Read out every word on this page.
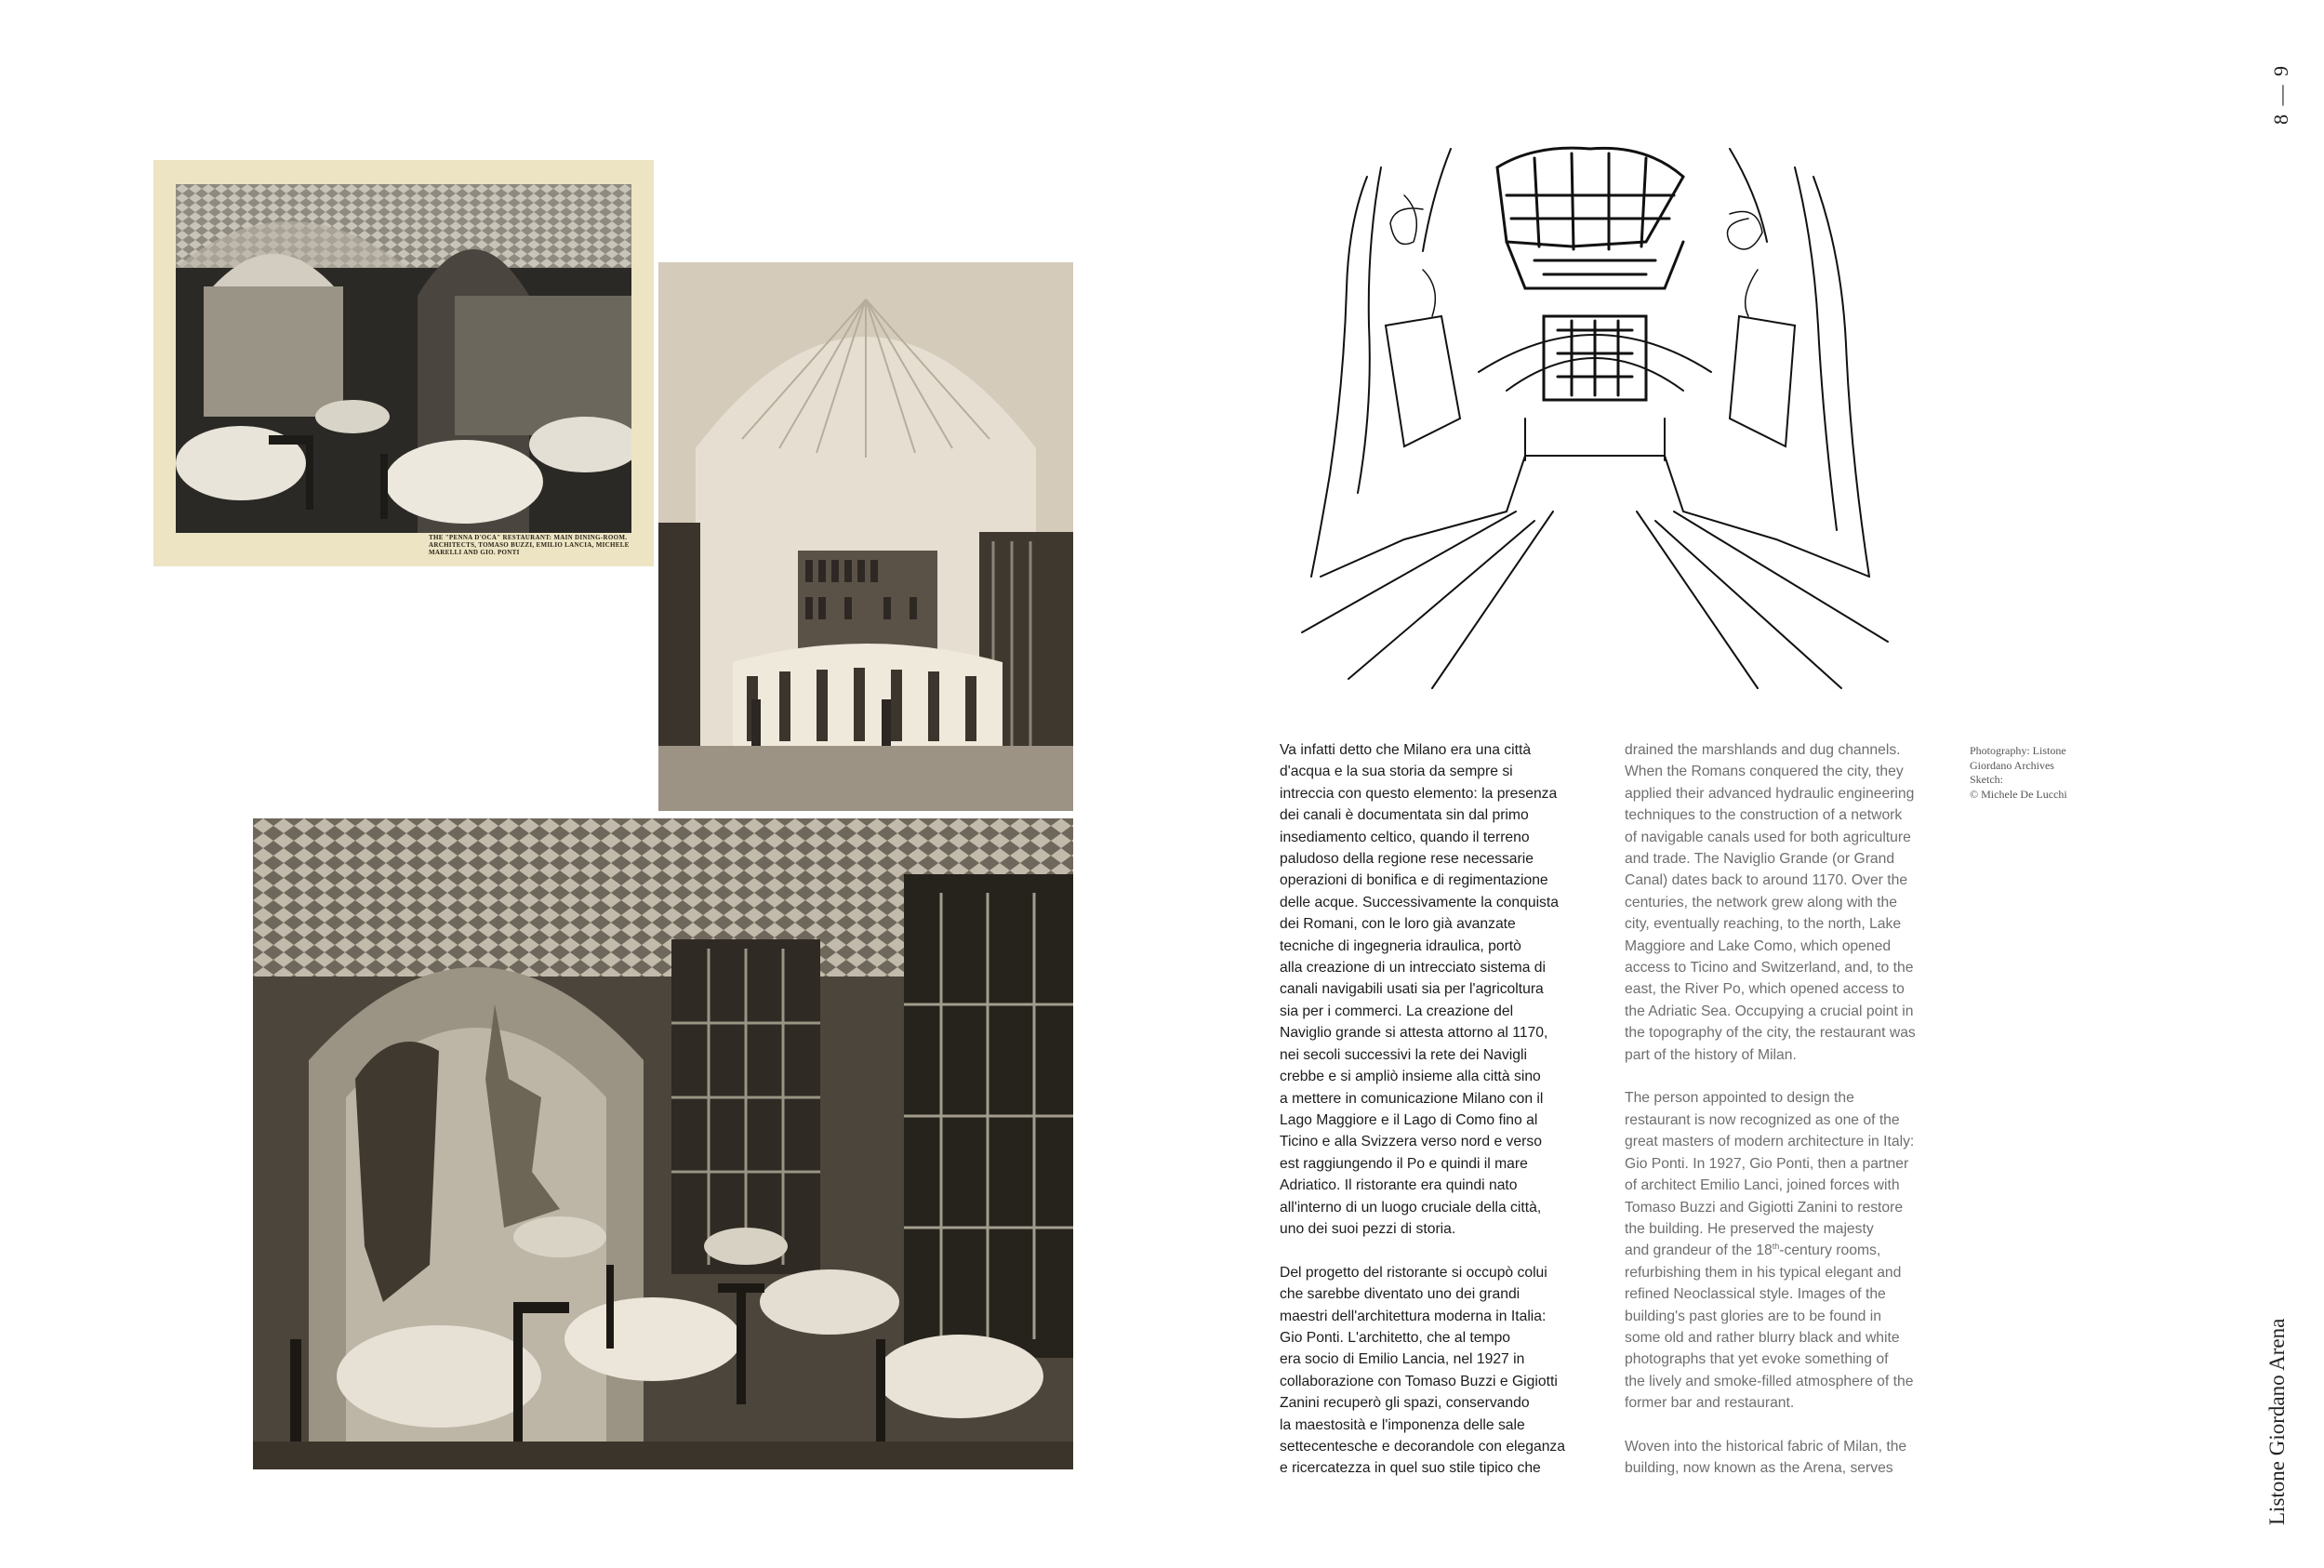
THE "PENNA D'OCA" RESTAURANT: MAIN DINING-ROOM. ARCHITECTS, TOMASO BUZZI, EMILIO LANCIA, MICHELE MARELLI AND GIO. PONTI

Va infatti detto che Milano era una città
d'acqua e la sua storia da sempre si
intreccia con questo elemento: la presenza
dei canali è documentata sin dal primo
insediamento celtico, quando il terreno
paludoso della regione rese necessarie
operazioni di bonifica e di regimentazione
delle acque. Successivamente la conquista
dei Romani, con le loro già avanzate
tecniche di ingegneria idraulica, portò
alla creazione di un intrecciato sistema di
canali navigabili usati sia per l'agricoltura
sia per i commerci. La creazione del
Naviglio grande si attesta attorno al 1170,
nei secoli successivi la rete dei Navigli
crebbe e si ampliò insieme alla città sino
a mettere in comunicazione Milano con il
Lago Maggiore e il Lago di Como fino al
Ticino e alla Svizzera verso nord e verso
est raggiungendo il Po e quindi il mare
Adriatico. Il ristorante era quindi nato
all'interno di un luogo cruciale della città,
uno dei suoi pezzi di storia.

Del progetto del ristorante si occupò colui
che sarebbe diventato uno dei grandi
maestri dell'architettura moderna in Italia:
Gio Ponti. L'architetto, che al tempo
era socio di Emilio Lancia, nel 1927 in
collaborazione con Tomaso Buzzi e Gigiotti
Zanini recuperò gli spazi, conservando
la maestosità e l'imponenza delle sale
settecentesche e decorandole con eleganza
e ricercatezza in quel suo stile tipico che

drained the marshlands and dug channels.
When the Romans conquered the city, they
applied their advanced hydraulic engineering
techniques to the construction of a network
of navigable canals used for both agriculture
and trade. The Naviglio Grande (or Grand
Canal) dates back to around 1170. Over the
centuries, the network grew along with the
city, eventually reaching, to the north, Lake
Maggiore and Lake Como, which opened
access to Ticino and Switzerland, and, to the
east, the River Po, which opened access to
the Adriatic Sea. Occupying a crucial point in
the topography of the city, the restaurant was
part of the history of Milan.

The person appointed to design the
restaurant is now recognized as one of the
great masters of modern architecture in Italy:
Gio Ponti. In 1927, Gio Ponti, then a partner
of architect Emilio Lanci, joined forces with
Tomaso Buzzi and Gigiotti Zanini to restore
the building. He preserved the majesty
and grandeur of the 18th-century rooms,
refurbishing them in his typical elegant and
refined Neoclassical style. Images of the
building's past glories are to be found in
some old and rather blurry black and white
photographs that yet evoke something of
the lively and smoke-filled atmosphere of the
former bar and restaurant.

Woven into the historical fabric of Milan, the
building, now known as the Arena, serves

Photography: Listone
Giordano Archives
Sketch:
© Michele De Lucchi
8 — 9
Listone Giordano Arena
